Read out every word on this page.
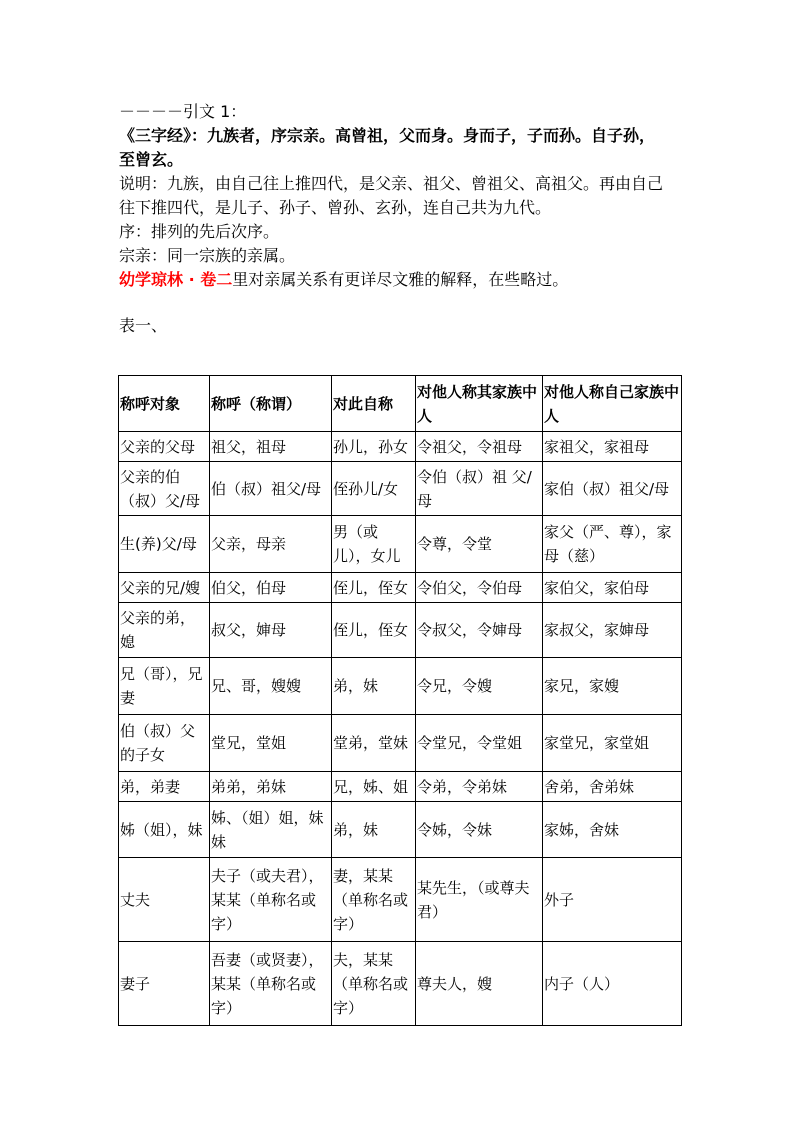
－－－－引文 1：
《三字经》：九族者，序宗亲。高曾祖，父而身。身而子，子而孙。自子孙，
至曾玄。
说明：九族，由自己往上推四代，是父亲、祖父、曾祖父、高祖父。再由自己
往下推四代，是儿子、孙子、曾孙、玄孙，连自己共为九代。
序：排列的先后次序。
宗亲：同一宗族的亲属。
幼学琼林 · 卷二里对亲属关系有更详尽文雅的解释，在些略过。
表一、
称呼对象	称呼（称谓）	对此自称	对他人称其家族中人	对他人称自己家族中人
父亲的父母	祖父，祖母	孙儿，孙女	令祖父，令祖母	家祖父，家祖母
父亲的伯（叔）父/母	伯（叔）祖父/母	侄孙儿/女	令伯（叔）祖 父/母	家伯（叔）祖父/母
生(养)父/母	父亲，母亲	男（或儿），女儿	令尊，令堂	家父（严、尊），家母（慈）
父亲的兄/嫂	伯父，伯母	侄儿，侄女	令伯父，令伯母	家伯父，家伯母
父亲的弟，媳	叔父，婶母	侄儿，侄女	令叔父，令婶母	家叔父，家婶母
兄（哥），兄妻	兄、哥，嫂嫂	弟，妹	令兄，令嫂	家兄，家嫂
伯（叔）父的子女	堂兄，堂姐	堂弟，堂妹	令堂兄，令堂姐	家堂兄，家堂姐
弟，弟妻	弟弟，弟妹	兄，姊、姐	令弟，令弟妹	舍弟，舍弟妹
姊（姐），妹	姊、（姐）姐，妹妹	弟，妹	令姊，令妹	家姊，舍妹
丈夫	夫子（或夫君），某某（单称名或字）	妻，某某（单称名或字）	某先生，（或尊夫君）	外子
妻子	吾妻（或贤妻），某某（单称名或字）	夫，某某（单称名或字）	尊夫人，嫂	内子（人）
